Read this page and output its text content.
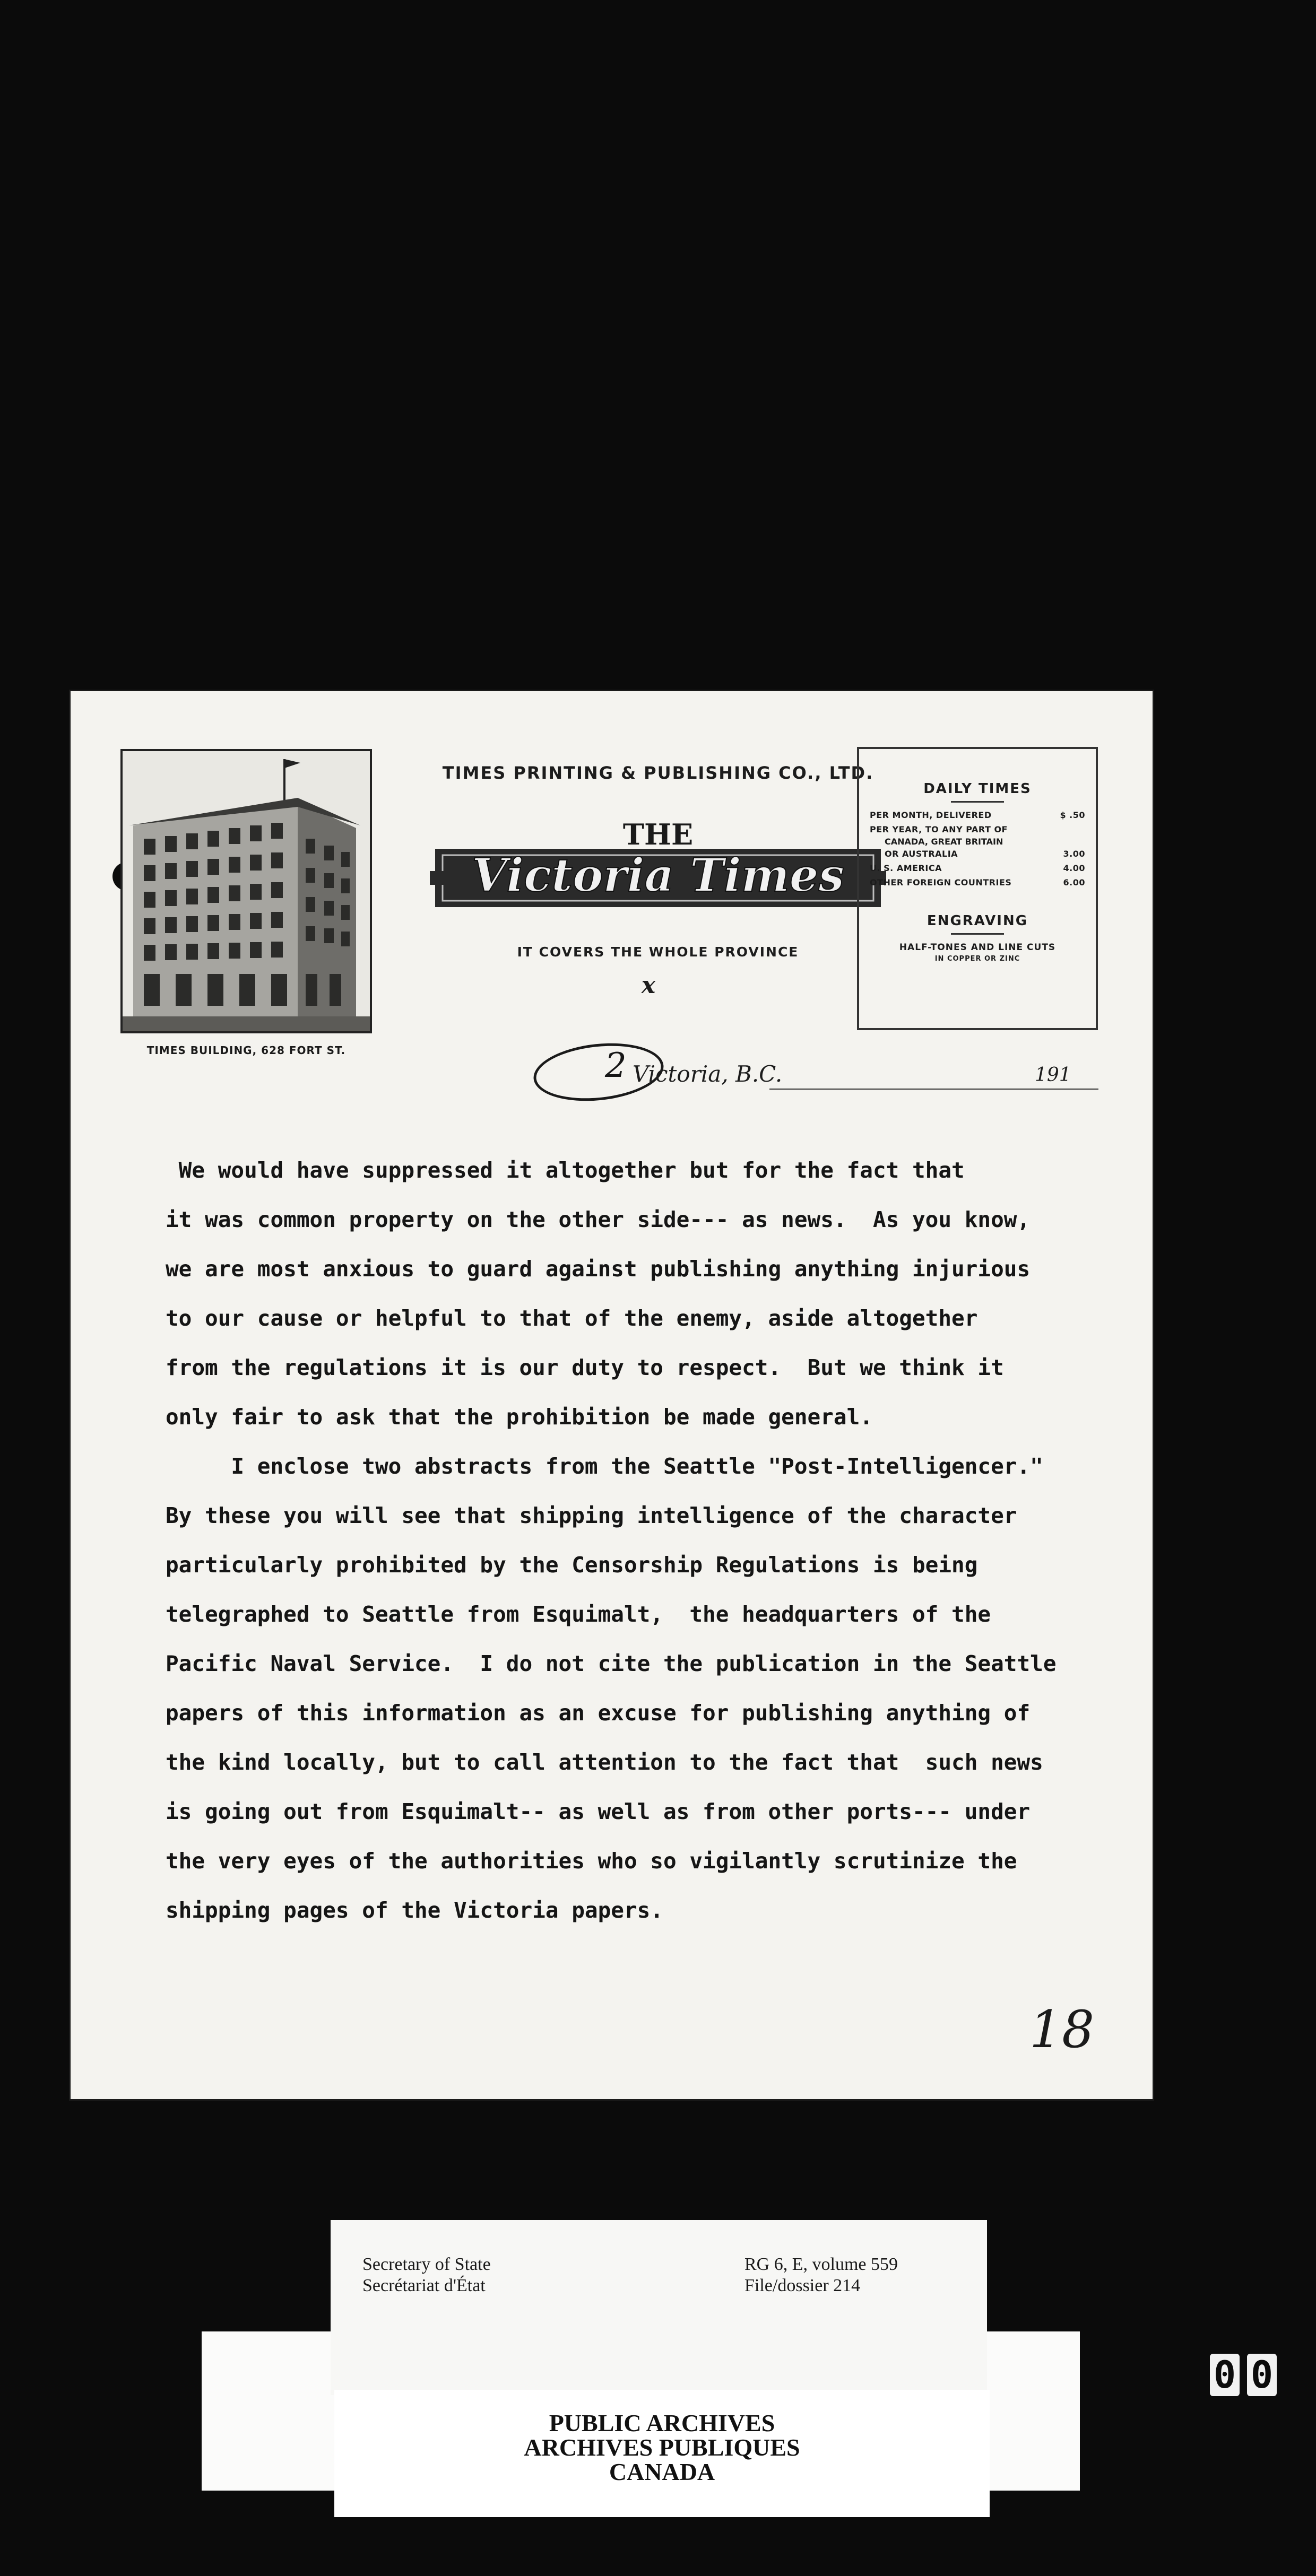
TIMES BUILDING, 628 FORT ST.
TIMES PRINTING & PUBLISHING CO., LTD.
THE
Victoria Times
IT COVERS THE WHOLE PROVINCE
x
DAILY TIMES
PER MONTH, DELIVERED	$ .50
PER YEAR, TO ANY PART OF
CANADA, GREAT BRITAIN
OR AUSTRALIA	3.00
U. S. AMERICA	4.00
OTHER FOREIGN COUNTRIES	6.00
ENGRAVING
HALF-TONES AND LINE CUTS
IN COPPER OR ZINC
2 Victoria, B.C.	191
We would have suppressed it altogether but for the fact that
it was common property on the other side--- as news.  As you know,
we are most anxious to guard against publishing anything injurious
to our cause or helpful to that of the enemy, aside altogether
from the regulations it is our duty to respect.  But we think it
only fair to ask that the prohibition be made general.
I enclose two abstracts from the Seattle "Post-Intelligencer."
By these you will see that shipping intelligence of the character
particularly prohibited by the Censorship Regulations is being
telegraphed to Seattle from Esquimalt,  the headquarters of the
Pacific Naval Service.  I do not cite the publication in the Seattle
papers of this information as an excuse for publishing anything of
the kind locally, but to call attention to the fact that  such news
is going out from Esquimalt-- as well as from other ports--- under
the very eyes of the authorities who so vigilantly scrutinize the
shipping pages of the Victoria papers.
18
Secretary of State
Secrétariat d'État
RG 6, E, volume 559
File/dossier 214
PUBLIC ARCHIVES
ARCHIVES PUBLIQUES
CANADA
0 0
